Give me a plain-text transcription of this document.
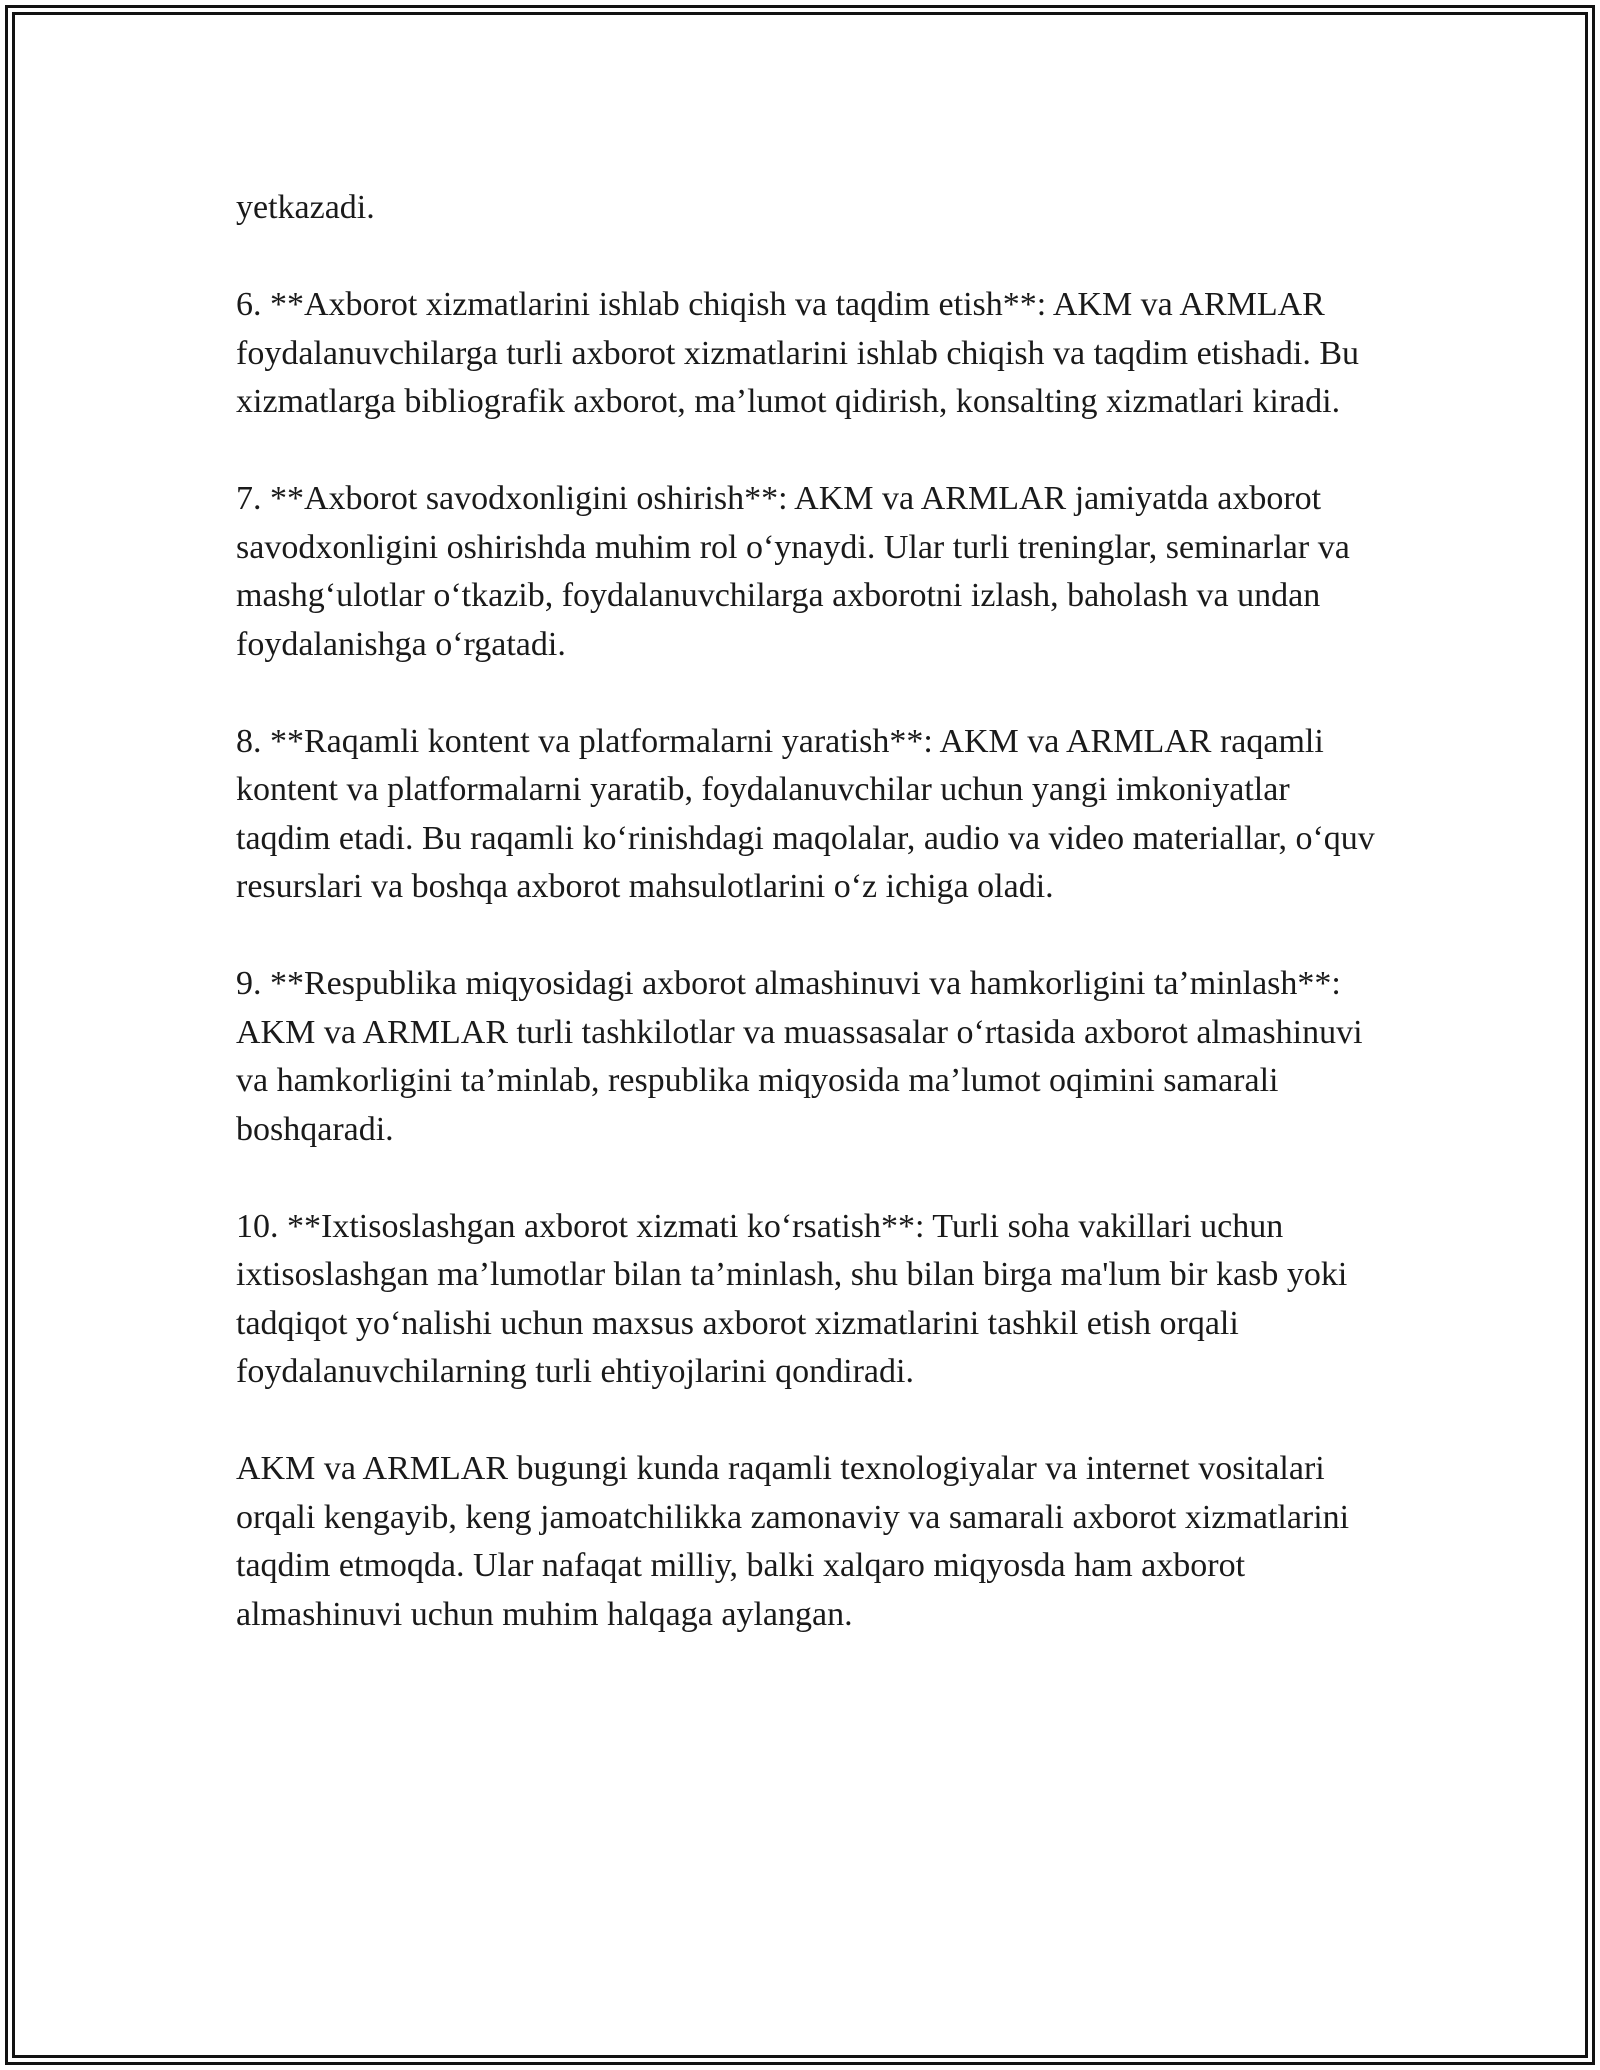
yetkazadi.

6. **Axborot xizmatlarini ishlab chiqish va taqdim etish**: AKM va ARMLAR foydalanuvchilarga turli axborot xizmatlarini ishlab chiqish va taqdim etishadi. Bu xizmatlarga bibliografik axborot, ma’lumot qidirish, konsalting xizmatlari kiradi.

7. **Axborot savodxonligini oshirish**: AKM va ARMLAR jamiyatda axborot savodxonligini oshirishda muhim rol o‘ynaydi. Ular turli treninglar, seminarlar va mashg‘ulotlar o‘tkazib, foydalanuvchilarga axborotni izlash, baholash va undan foydalanishga o‘rgatadi.

8. **Raqamli kontent va platformalarni yaratish**: AKM va ARMLAR raqamli kontent va platformalarni yaratib, foydalanuvchilar uchun yangi imkoniyatlar taqdim etadi. Bu raqamli ko‘rinishdagi maqolalar, audio va video materiallar, o‘quv resurslari va boshqa axborot mahsulotlarini o‘z ichiga oladi.

9. **Respublika miqyosidagi axborot almashinuvi va hamkorligini ta’minlash**: AKM va ARMLAR turli tashkilotlar va muassasalar o‘rtasida axborot almashinuvi va hamkorligini ta’minlab, respublika miqyosida ma’lumot oqimini samarali boshqaradi.

10. **Ixtisoslashgan axborot xizmati ko‘rsatish**: Turli soha vakillari uchun ixtisoslashgan ma’lumotlar bilan ta’minlash, shu bilan birga ma'lum bir kasb yoki tadqiqot yo‘nalishi uchun maxsus axborot xizmatlarini tashkil etish orqali foydalanuvchilarning turli ehtiyojlarini qondiradi.

AKM va ARMLAR bugungi kunda raqamli texnologiyalar va internet vositalari orqali kengayib, keng jamoatchilikka zamonaviy va samarali axborot xizmatlarini taqdim etmoqda. Ular nafaqat milliy, balki xalqaro miqyosda ham axborot almashinuvi uchun muhim halqaga aylangan.
